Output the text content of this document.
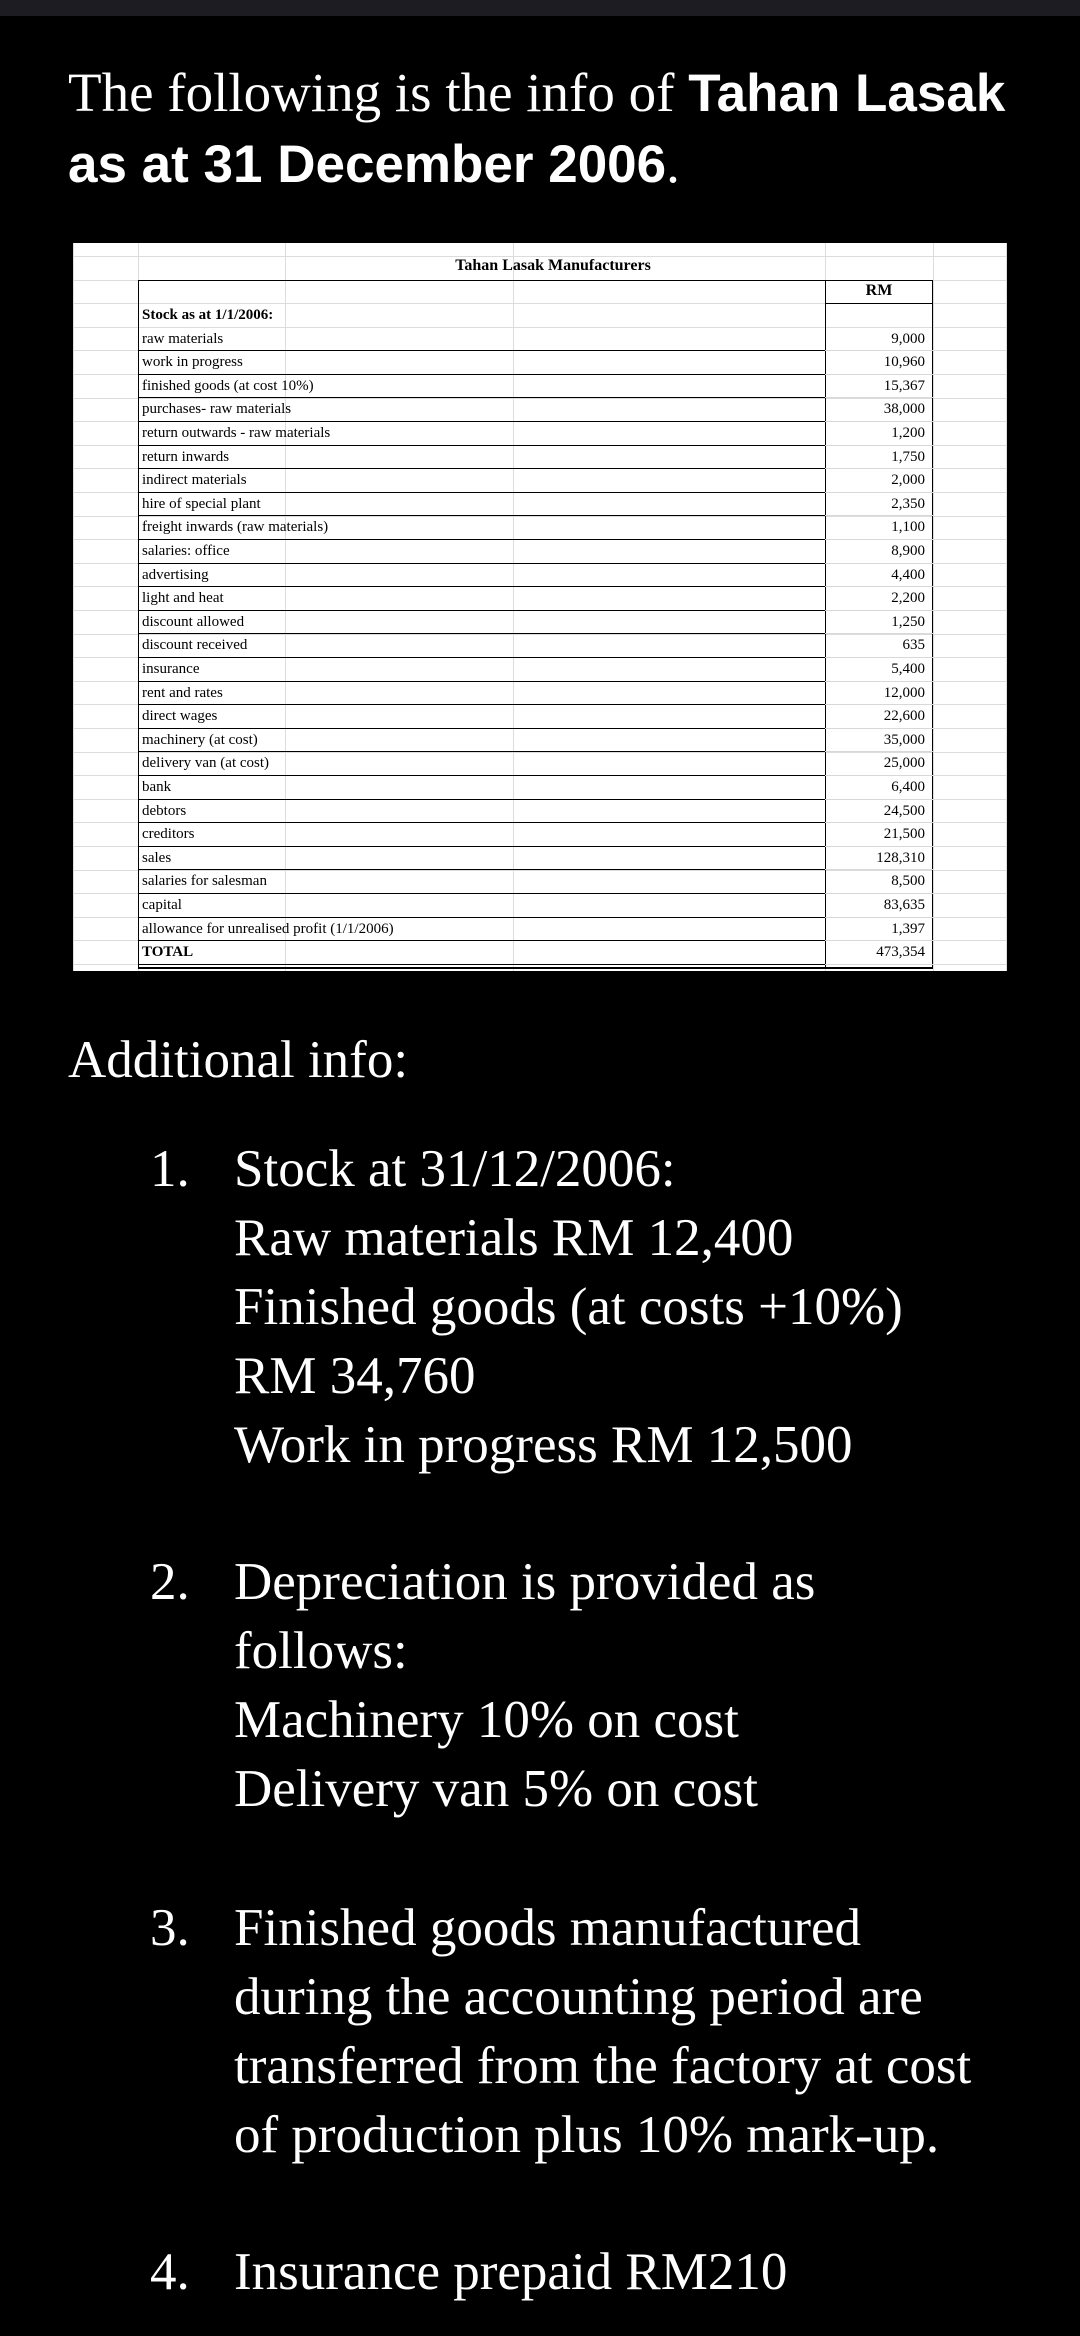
The following is the info of Tahan Lasak
as at 31 December 2006.

Tahan Lasak Manufacturers
RM
Stock as at 1/1/2006:
raw materials	9,000
work in progress	10,960
finished goods (at cost 10%)	15,367
purchases- raw materials	38,000
return outwards - raw materials	1,200
return inwards	1,750
indirect materials	2,000
hire of special plant	2,350
freight inwards (raw materials)	1,100
salaries: office	8,900
advertising	4,400
light and heat	2,200
discount allowed	1,250
discount received	635
insurance	5,400
rent and rates	12,000
direct wages	22,600
machinery (at cost)	35,000
delivery van (at cost)	25,000
bank	6,400
debtors	24,500
creditors	21,500
sales	128,310
salaries for salesman	8,500
capital	83,635
allowance for unrealised profit (1/1/2006)	1,397
TOTAL	473,354

Additional info:

1. Stock at 31/12/2006:
Raw materials RM 12,400
Finished goods (at costs +10%)
RM 34,760
Work in progress RM 12,500
2. Depreciation is provided as
follows:
Machinery 10% on cost
Delivery van 5% on cost
3. Finished goods manufactured
during the accounting period are
transferred from the factory at cost
of production plus 10% mark-up.
4. Insurance prepaid RM210
